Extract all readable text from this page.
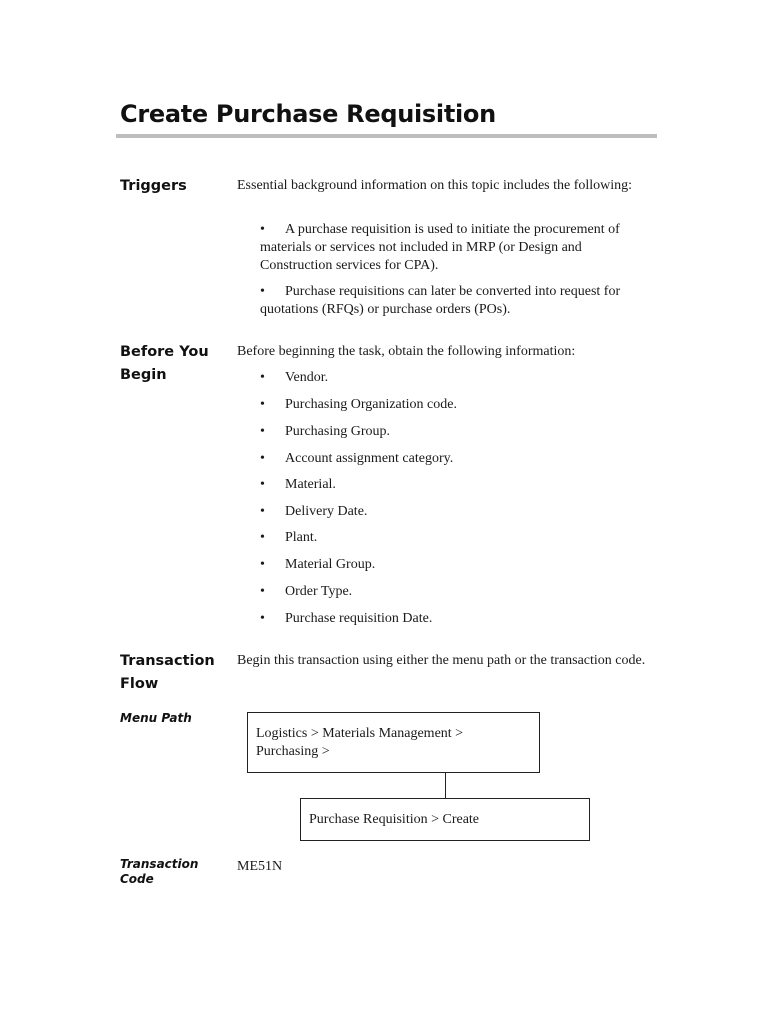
Create Purchase Requisition
Triggers	Essential background information on this topic includes the following:
• A purchase requisition is used to initiate the procurement of materials or services not included in MRP (or Design and Construction services for CPA).
• Purchase requisitions can later be converted into request for quotations (RFQs) or purchase orders (POs).
Before You
Begin
Before beginning the task, obtain the following information:
• Vendor.
• Purchasing Organization code.
• Purchasing Group.
• Account assignment category.
• Material.
• Delivery Date.
• Plant.
• Material Group.
• Order Type.
• Purchase requisition Date.
Transaction
Flow
Begin this transaction using either the menu path or the transaction code.
Menu Path
Logistics > Materials Management >
Purchasing >
Purchase Requisition > Create
Transaction
Code
ME51N
